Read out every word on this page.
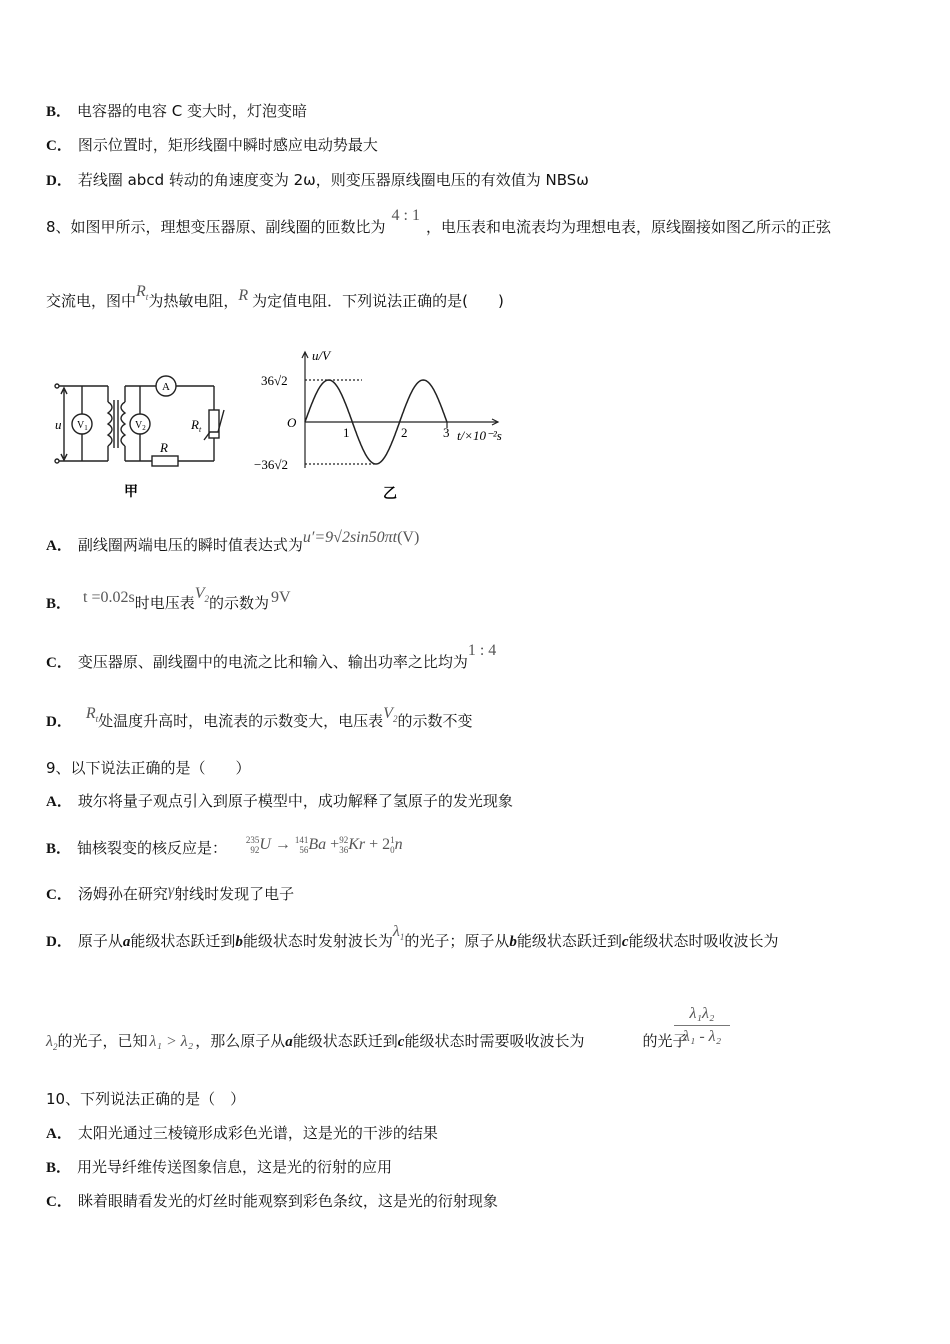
B． 电容器的电容 C 变大时，灯泡变暗
C． 图示位置时，矩形线圈中瞬时感应电动势最大
D． 若线圈 abcd 转动的角速度变为 2ω，则变压器原线圈电压的有效值为 NBSω
8、如图甲所示，理想变压器原、副线圈的匝数比为4 : 1，电压表和电流表均为理想电表，原线圈接如图乙所示的正弦
交流电，图中$R_t$为热敏电阻，R 为定值电阻．下列说法正确的是(　　)
u $V_1$	$V_2$
A
$R_t$
R
甲
u/V
36√2
−36√2
O
1	2	3 t/×10⁻²s
乙
A． 副线圈两端电压的瞬时值表达式为u′=9√2sin50πt(V)
B． t =0.02s时电压表$V_2$的示数为 9V
C． 变压器原、副线圈中的电流之比和输入、输出功率之比均为1 : 4
D． $R_t$处温度升高时，电流表的示数变大，电压表$V_2$的示数不变
9、以下说法正确的是（　　）
A． 玻尔将量子观点引入到原子模型中，成功解释了氢原子的发光现象
B． 铀核裂变的核反应是： 235
92U → 141
56Ba +92
36Kr + 21
0n
C． 汤姆孙在研究γ射线时发现了电子
D． 原子从a能级状态跃迁到b能级状态时发射波长为$\lambda_1$的光子；原子从b能级状态跃迁到c能级状态时吸收波长为
$\lambda_2$的光子，已知 λ₁ > λ₂ ，那么原子从a能级状态跃迁到c能级状态时需要吸收波长为	的光子
$\frac{\text{λ₁λ₂}}{\text{λ₁ - λ₂}}$
10、下列说法正确的是（　）
A． 太阳光通过三棱镜形成彩色光谱，这是光的干涉的结果
B． 用光导纤维传送图象信息，这是光的衍射的应用
C． 眯着眼睛看发光的灯丝时能观察到彩色条纹，这是光的衍射现象
